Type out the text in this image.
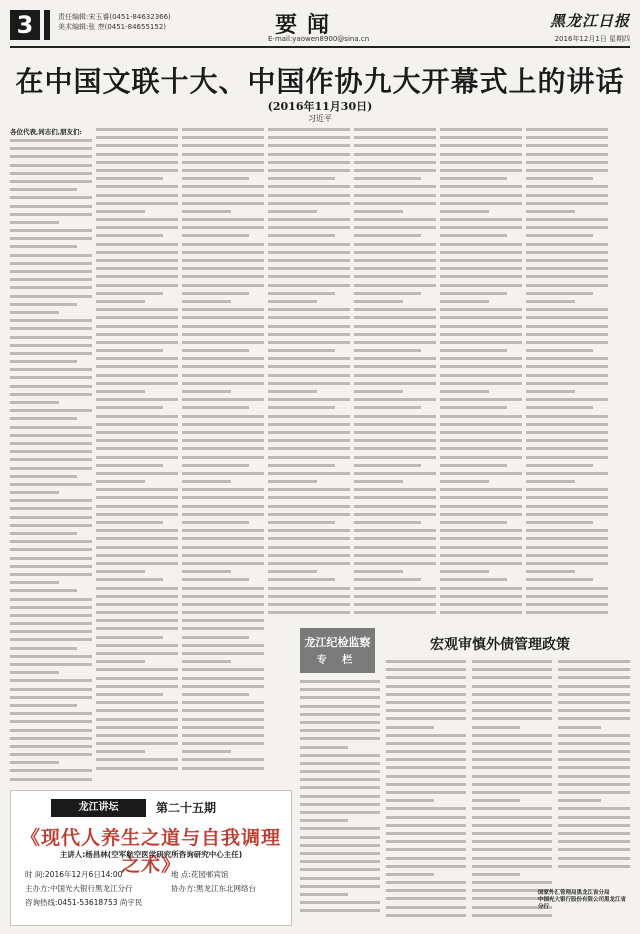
3	责任编辑:宋玉睿(0451-84632366)
美术编辑:张 焘(0451-84655152)	要闻
E-mail:yaowen8900@sina.cn
黑龙江日报
2016年12月1日 星期四
在中国文联十大、中国作协九大开幕式上的讲话
(2016年11月30日)
习近平
各位代表,同志们,朋友们:
龙江纪检监察
专 栏
宏观审慎外债管理政策
龙江讲坛	第二十五期
《现代人养生之道与自我调理之术》
主讲人:杨昌林(空军航空医学研究所咨询研究中心主任)
时 间:2016年12月6日14:00	地 点:花园邨宾馆
主办方:中国光大银行黑龙江分行	协办方:黑龙江东北网络台
咨询热线:0451-53618753 尚宇民
国家外汇管理局黑龙江省分局
中国光大银行股份有限公司黑龙江省分行
